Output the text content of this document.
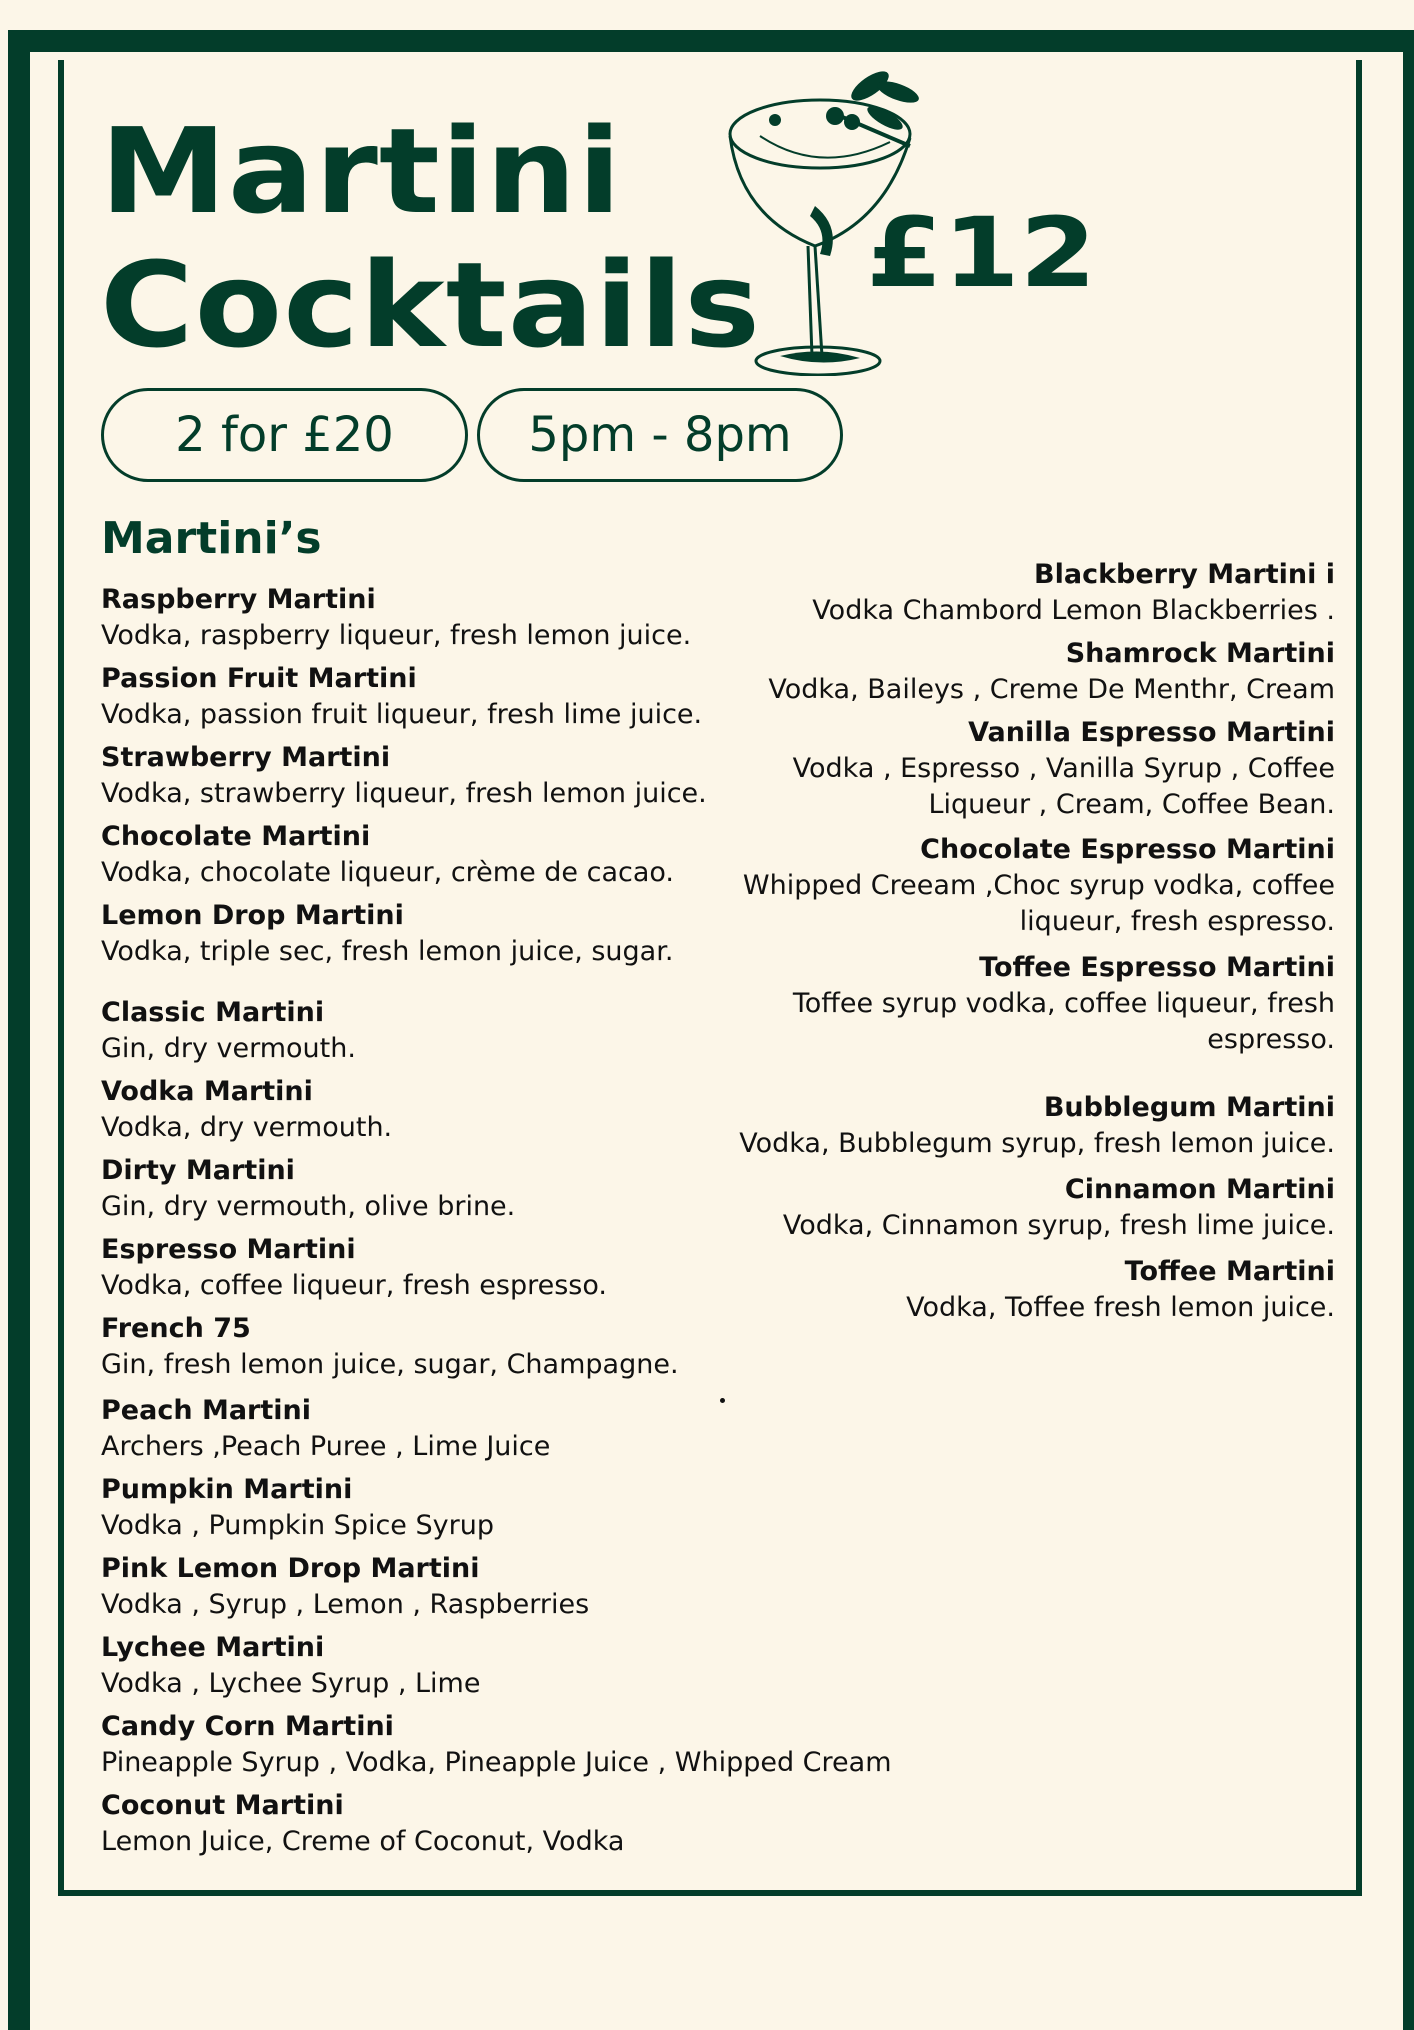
Martini
Cocktails £12
2 for £20	5pm - 8pm
Martini’s
Raspberry Martini
Vodka, raspberry liqueur, fresh lemon juice.
Passion Fruit Martini
Vodka, passion fruit liqueur, fresh lime juice.
Strawberry Martini
Vodka, strawberry liqueur, fresh lemon juice.
Chocolate Martini
Vodka, chocolate liqueur, crème de cacao.
Lemon Drop Martini
Vodka, triple sec, fresh lemon juice, sugar.
Classic Martini
Gin, dry vermouth.
Vodka Martini
Vodka, dry vermouth.
Dirty Martini
Gin, dry vermouth, olive brine.
Espresso Martini
Vodka, coffee liqueur, fresh espresso.
French 75
Gin, fresh lemon juice, sugar, Champagne.
Peach Martini
Archers ,Peach Puree , Lime Juice
Pumpkin Martini
Vodka , Pumpkin Spice Syrup
Pink Lemon Drop Martini
Vodka , Syrup , Lemon , Raspberries
Lychee Martini
Vodka , Lychee Syrup , Lime
Candy Corn Martini
Pineapple Syrup , Vodka, Pineapple Juice , Whipped Cream
Coconut Martini
Lemon Juice, Creme of Coconut, Vodka
Blackberry Martini i
Vodka Chambord Lemon Blackberries .
Shamrock Martini
Vodka, Baileys , Creme De Menthr, Cream
Vanilla Espresso Martini
Vodka , Espresso , Vanilla Syrup , Coffee Liqueur , Cream, Coffee Bean.
Chocolate Espresso Martini
Whipped Creeam ,Choc syrup vodka, coffee liqueur, fresh espresso.
Toffee Espresso Martini
Toffee syrup vodka, coffee liqueur, fresh espresso.
Bubblegum Martini
Vodka, Bubblegum syrup, fresh lemon juice.
Cinnamon Martini
Vodka, Cinnamon syrup, fresh lime juice.
Toffee Martini
Vodka, Toffee fresh lemon juice.
